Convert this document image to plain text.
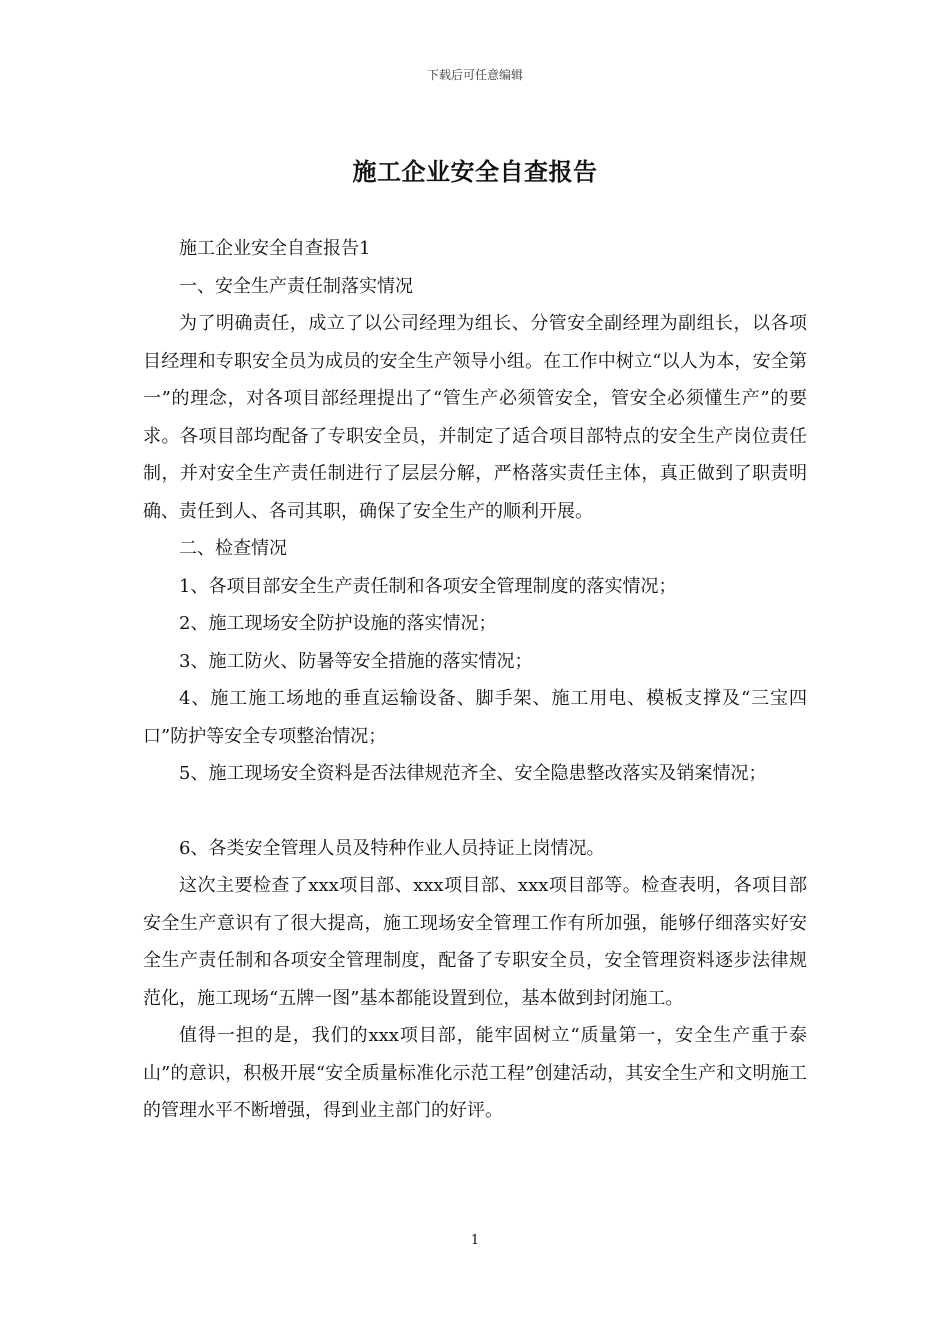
下载后可任意编辑
施工企业安全自查报告

施工企业安全自查报告1

一、安全生产责任制落实情况

为了明确责任，成立了以公司经理为组长、分管安全副经理为副组长，以各项目经理和专职安全员为成员的安全生产领导小组。在工作中树立“以人为本，安全第一”的理念，对各项目部经理提出了“管生产必须管安全，管安全必须懂生产”的要求。各项目部均配备了专职安全员，并制定了适合项目部特点的安全生产岗位责任制，并对安全生产责任制进行了层层分解，严格落实责任主体，真正做到了职责明确、责任到人、各司其职，确保了安全生产的顺利开展。

二、检查情况

1、各项目部安全生产责任制和各项安全管理制度的落实情况；

2、施工现场安全防护设施的落实情况；

3、施工防火、防暑等安全措施的落实情况；

4、施工施工场地的垂直运输设备、脚手架、施工用电、模板支撑及“三宝四口”防护等安全专项整治情况；

5、施工现场安全资料是否法律规范齐全、安全隐患整改落实及销案情况；

6、各类安全管理人员及特种作业人员持证上岗情况。

这次主要检查了xxx项目部、xxx项目部、xxx项目部等。检查表明，各项目部安全生产意识有了很大提高，施工现场安全管理工作有所加强，能够仔细落实好安全生产责任制和各项安全管理制度，配备了专职安全员，安全管理资料逐步法律规范化，施工现场“五牌一图”基本都能设置到位，基本做到封闭施工。

值得一担的是，我们的xxx项目部，能牢固树立“质量第一，安全生产重于泰山”的意识，积极开展“安全质量标准化示范工程”创建活动，其安全生产和文明施工的管理水平不断增强，得到业主部门的好评。

1
